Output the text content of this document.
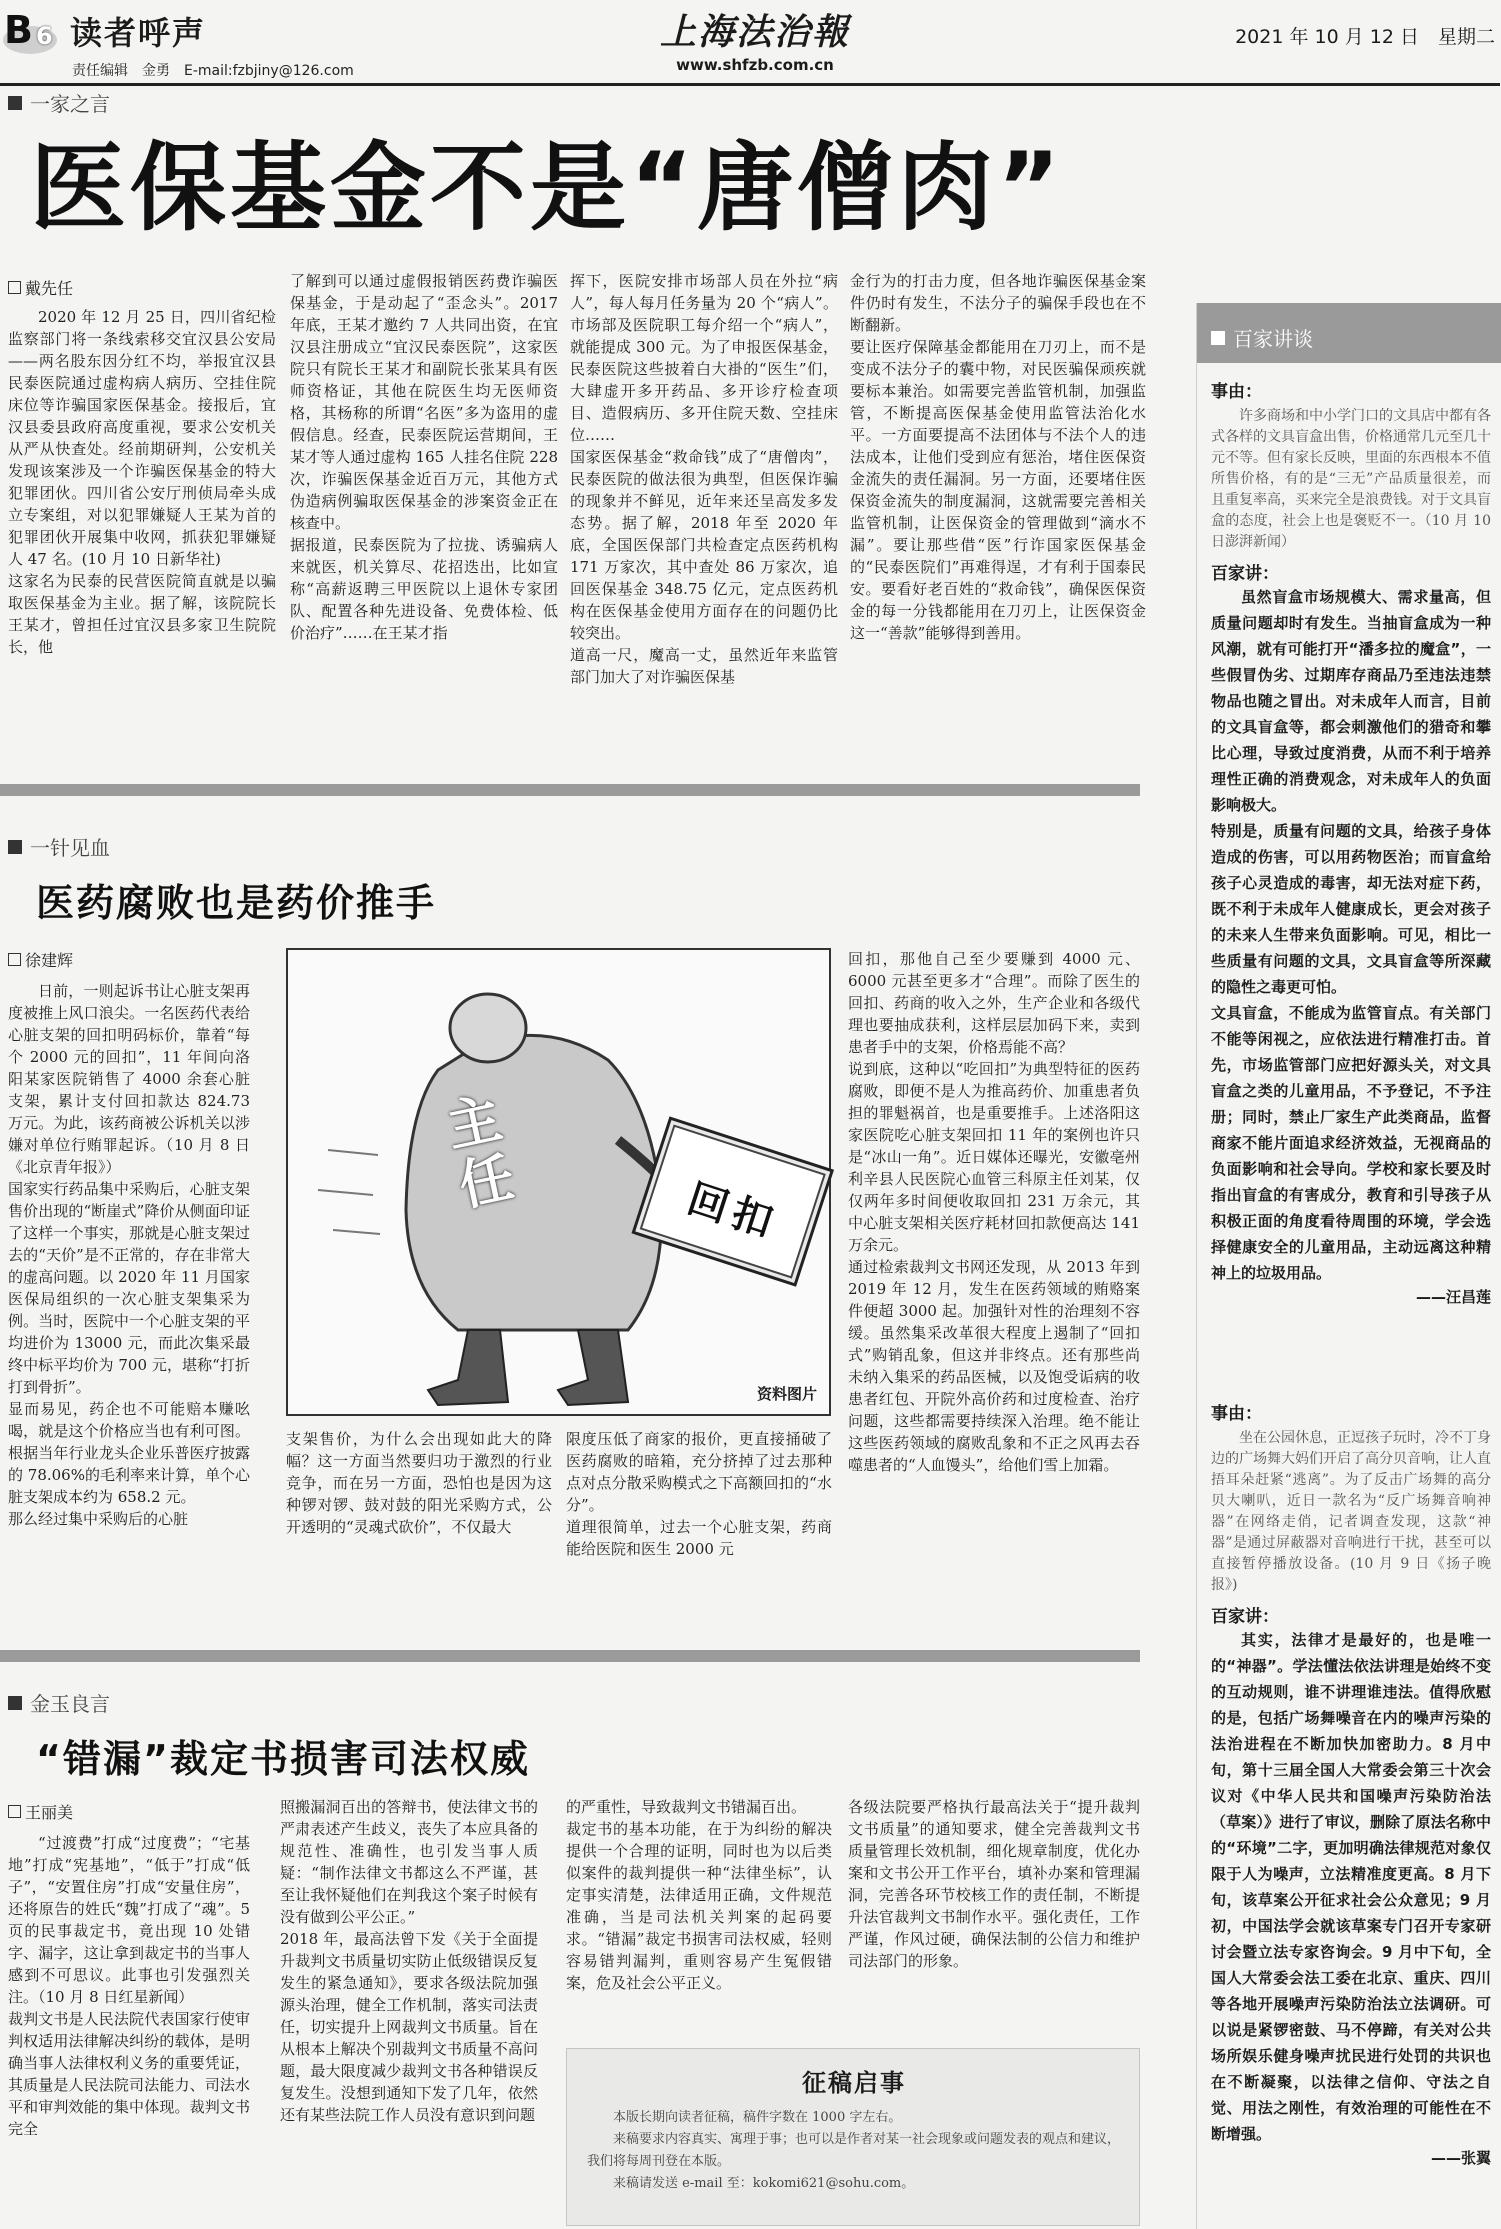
B 6 读者呼声
责任编辑　金勇　E-mail:fzbjiny@126.com
上海法治報
www.shfzb.com.cn
2021 年 10 月 12 日　星期二
一家之言
医保基金不是“唐僧肉”
戴先任
2020 年 12 月 25 日，四川省纪检监察部门将一条线索移交宜汉县公安局——两名股东因分红不均，举报宜汉县民泰医院通过虚构病人病历、空挂住院床位等诈骗国家医保基金。接报后，宜汉县委县政府高度重视，要求公安机关从严从快查处。经前期研判，公安机关发现该案涉及一个诈骗医保基金的特大犯罪团伙。四川省公安厅刑侦局牵头成立专案组，对以犯罪嫌疑人王某为首的犯罪团伙开展集中收网，抓获犯罪嫌疑人 47 名。(10 月 10 日新华社)
这家名为民泰的民营医院简直就是以骗取医保基金为主业。据了解，该院院长王某才，曾担任过宜汉县多家卫生院院长，他
了解到可以通过虚假报销医药费诈骗医保基金，于是动起了“歪念头”。2017 年底，王某才邀约 7 人共同出资，在宜汉县注册成立“宜汉民泰医院”，这家医院只有院长王某才和副院长张某具有医师资格证，其他在院医生均无医师资格，其杨称的所谓“名医”多为盗用的虚假信息。经查，民泰医院运营期间，王某才等人通过虚构 165 人挂名住院 228 次，诈骗医保基金近百万元，其他方式伪造病例骗取医保基金的涉案资金正在核查中。
据报道，民泰医院为了拉拢、诱骗病人来就医，机关算尽、花招迭出，比如宣称“高薪返聘三甲医院以上退休专家团队、配置各种先进设备、免费体检、低价治疗”……在王某才指
挥下，医院安排市场部人员在外拉“病人”，每人每月任务量为 20 个“病人”。市场部及医院职工每介绍一个“病人”，就能提成 300 元。为了申报医保基金，民泰医院这些披着白大褂的“医生”们，大肆虚开多开药品、多开诊疗检查项目、造假病历、多开住院天数、空挂床位……
国家医保基金“救命钱”成了“唐僧肉”，民泰医院的做法很为典型，但医保诈骗的现象并不鲜见，近年来还呈高发多发态势。据了解，2018 年至 2020 年底，全国医保部门共检查定点医药机构 171 万家次，其中查处 86 万家次，追回医保基金 348.75 亿元，定点医药机构在医保基金使用方面存在的问题仍比较突出。
道高一尺，魔高一丈，虽然近年来监管部门加大了对诈骗医保基
金行为的打击力度，但各地诈骗医保基金案件仍时有发生，不法分子的骗保手段也在不断翻新。
要让医疗保障基金都能用在刀刃上，而不是变成不法分子的囊中物，对民医骗保顽疾就要标本兼治。如需要完善监管机制，加强监管，不断提高医保基金使用监管法治化水平。一方面要提高不法团体与不法个人的违法成本，让他们受到应有惩治，堵住医保资金流失的责任漏洞。另一方面，还要堵住医保资金流失的制度漏洞，这就需要完善相关监管机制，让医保资金的管理做到“滴水不漏”。要让那些借“医”行诈国家医保基金的“民泰医院们”再难得逞，才有利于国泰民安。要看好老百姓的“救命钱”，确保医保资金的每一分钱都能用在刀刃上，让医保资金这一“善款”能够得到善用。
一针见血
医药腐败也是药价推手
徐建辉
日前，一则起诉书让心脏支架再度被推上风口浪尖。一名医药代表给心脏支架的回扣明码标价，靠着“每个 2000 元的回扣”，11 年间向洛阳某家医院销售了 4000 余套心脏支架，累计支付回扣款达 824.73 万元。为此，该药商被公诉机关以涉嫌对单位行贿罪起诉。（10 月 8 日《北京青年报》）
国家实行药品集中采购后，心脏支架售价出现的“断崖式”降价从侧面印证了这样一个事实，那就是心脏支架过去的“天价”是不正常的，存在非常大的虚高问题。以 2020 年 11 月国家医保局组织的一次心脏支架集采为例。当时，医院中一个心脏支架的平均进价为 13000 元，而此次集采最终中标平均价为 700 元，堪称“打折打到骨折”。
显而易见，药企也不可能赔本赚吆喝，就是这个价格应当也有利可图。根据当年行业龙头企业乐普医疗披露的 78.06%的毛利率来计算，单个心脏支架成本约为 658.2 元。
那么经过集中采购后的心脏
主任	回扣
资料图片
支架售价，为什么会出现如此大的降幅？这一方面当然要归功于激烈的行业竞争，而在另一方面，恐怕也是因为这种锣对锣、鼓对鼓的阳光采购方式，公开透明的“灵魂式砍价”，不仅最大
限度压低了商家的报价，更直接捅破了医药腐败的暗箱，充分挤掉了过去那种点对点分散采购模式之下高额回扣的“水分”。
道理很简单，过去一个心脏支架，药商能给医院和医生 2000 元
回扣，那他自己至少要赚到 4000 元、6000 元甚至更多才“合理”。而除了医生的回扣、药商的收入之外，生产企业和各级代理也要抽成获利，这样层层加码下来，卖到患者手中的支架，价格焉能不高？
说到底，这种以“吃回扣”为典型特征的医药腐败，即便不是人为推高药价、加重患者负担的罪魁祸首，也是重要推手。上述洛阳这家医院吃心脏支架回扣 11 年的案例也许只是“冰山一角”。近日媒体还曝光，安徽亳州利辛县人民医院心血管三科原主任刘某，仅仅两年多时间便收取回扣 231 万余元，其中心脏支架相关医疗耗材回扣款便高达 141 万余元。
通过检索裁判文书网还发现，从 2013 年到 2019 年 12 月，发生在医药领域的贿赂案件便超 3000 起。加强针对性的治理刻不容缓。虽然集采改革很大程度上遏制了“回扣式”购销乱象，但这并非终点。还有那些尚未纳入集采的药品医械，以及饱受诟病的收患者红包、开院外高价药和过度检查、治疗问题，这些都需要持续深入治理。绝不能让这些医药领域的腐败乱象和不正之风再去吞噬患者的“人血馒头”，给他们雪上加霜。
金玉良言
“错漏”裁定书损害司法权威
王丽美
“过渡费”打成“过度费”；“宅基地”打成“宪基地”，“低于”打成“低子”，“安置住房”打成“安量住房”，还将原告的姓氏“魏”打成了“魂”。5 页的民事裁定书，竟出现 10 处错字、漏字，这让拿到裁定书的当事人感到不可思议。此事也引发强烈关注。（10 月 8 日红星新闻）
裁判文书是人民法院代表国家行使审判权适用法律解决纠纷的载体，是明确当事人法律权利义务的重要凭证，其质量是人民法院司法能力、司法水平和审判效能的集中体现。裁判文书完全
照搬漏洞百出的答辩书，使法律文书的严肃表述产生歧义，丧失了本应具备的规范性、准确性，也引发当事人质疑：“制作法律文书都这么不严谨，甚至让我怀疑他们在判我这个案子时候有没有做到公平公正。”
2018 年，最高法曾下发《关于全面提升裁判文书质量切实防止低级错误反复发生的紧急通知》，要求各级法院加强源头治理，健全工作机制，落实司法责任，切实提升上网裁判文书质量。旨在从根本上解决个别裁判文书质量不高问题，最大限度减少裁判文书各种错误反复发生。没想到通知下发了几年，依然还有某些法院工作人员没有意识到问题
的严重性，导致裁判文书错漏百出。
裁定书的基本功能，在于为纠纷的解决提供一个合理的证明，同时也为以后类似案件的裁判提供一种“法律坐标”，认定事实清楚，法律适用正确，文件规范准确，当是司法机关判案的起码要求。“错漏”裁定书损害司法权威，轻则容易错判漏判，重则容易产生冤假错案，危及社会公平正义。
各级法院要严格执行最高法关于“提升裁判文书质量”的通知要求，健全完善裁判文书质量管理长效机制，细化规章制度，优化办案和文书公开工作平台，填补办案和管理漏洞，完善各环节校核工作的责任制，不断提升法官裁判文书制作水平。强化责任，工作严谨，作风过硬，确保法制的公信力和维护司法部门的形象。
征稿启事
本版长期向读者征稿，稿件字数在 1000 字左右。
来稿要求内容真实、寓理于事；也可以是作者对某一社会现象或问题发表的观点和建议，我们将每周刊登在本版。
来稿请发送 e-mail 至：kokomi621@sohu.com。
百家讲谈
事由：
许多商场和中小学门口的文具店中都有各式各样的文具盲盒出售，价格通常几元至几十元不等。但有家长反映，里面的东西根本不值所售价格，有的是“三无”产品质量很差，而且重复率高，买来完全是浪费钱。对于文具盲盒的态度，社会上也是褒贬不一。（10 月 10 日澎湃新闻）
百家讲：
虽然盲盒市场规模大、需求量高，但质量问题却时有发生。当抽盲盒成为一种风潮，就有可能打开“潘多拉的魔盒”，一些假冒伪劣、过期库存商品乃至违法违禁物品也随之冒出。对未成年人而言，目前的文具盲盒等，都会刺激他们的猎奇和攀比心理，导致过度消费，从而不利于培养理性正确的消费观念，对未成年人的负面影响极大。
特别是，质量有问题的文具，给孩子身体造成的伤害，可以用药物医治；而盲盒给孩子心灵造成的毒害，却无法对症下药，既不利于未成年人健康成长，更会对孩子的未来人生带来负面影响。可见，相比一些质量有问题的文具，文具盲盒等所深藏的隐性之毒更可怕。
文具盲盒，不能成为监管盲点。有关部门不能等闲视之，应依法进行精准打击。首先，市场监管部门应把好源头关，对文具盲盒之类的儿童用品，不予登记，不予注册；同时，禁止厂家生产此类商品，监督商家不能片面追求经济效益，无视商品的负面影响和社会导向。学校和家长要及时指出盲盒的有害成分，教育和引导孩子从积极正面的角度看待周围的环境，学会选择健康安全的儿童用品，主动远离这种精神上的垃圾用品。
——汪昌莲
事由：
坐在公园休息，正逗孩子玩时，冷不丁身边的广场舞大妈们开启了高分贝音响，让人直捂耳朵赶紧“逃离”。为了反击广场舞的高分贝大喇叭，近日一款名为“反广场舞音响神器”在网络走俏，记者调查发现，这款“神器”是通过屏蔽器对音响进行干扰，甚至可以直接暂停播放设备。(10 月 9 日《扬子晚报》)
百家讲：
其实，法律才是最好的，也是唯一的“神器”。学法懂法依法讲理是始终不变的互动规则，谁不讲理谁违法。值得欣慰的是，包括广场舞噪音在内的噪声污染的法治进程在不断加快加密助力。8 月中旬，第十三届全国人大常委会第三十次会议对《中华人民共和国噪声污染防治法（草案）》进行了审议，删除了原法名称中的“环境”二字，更加明确法律规范对象仅限于人为噪声，立法精准度更高。8 月下旬，该草案公开征求社会公众意见；9 月初，中国法学会就该草案专门召开专家研讨会暨立法专家咨询会。9 月中下旬，全国人大常委会法工委在北京、重庆、四川等各地开展噪声污染防治法立法调研。可以说是紧锣密鼓、马不停蹄，有关对公共场所娱乐健身噪声扰民进行处罚的共识也在不断凝聚，以法律之信仰、守法之自觉、用法之刚性，有效治理的可能性在不断增强。
——张翼
